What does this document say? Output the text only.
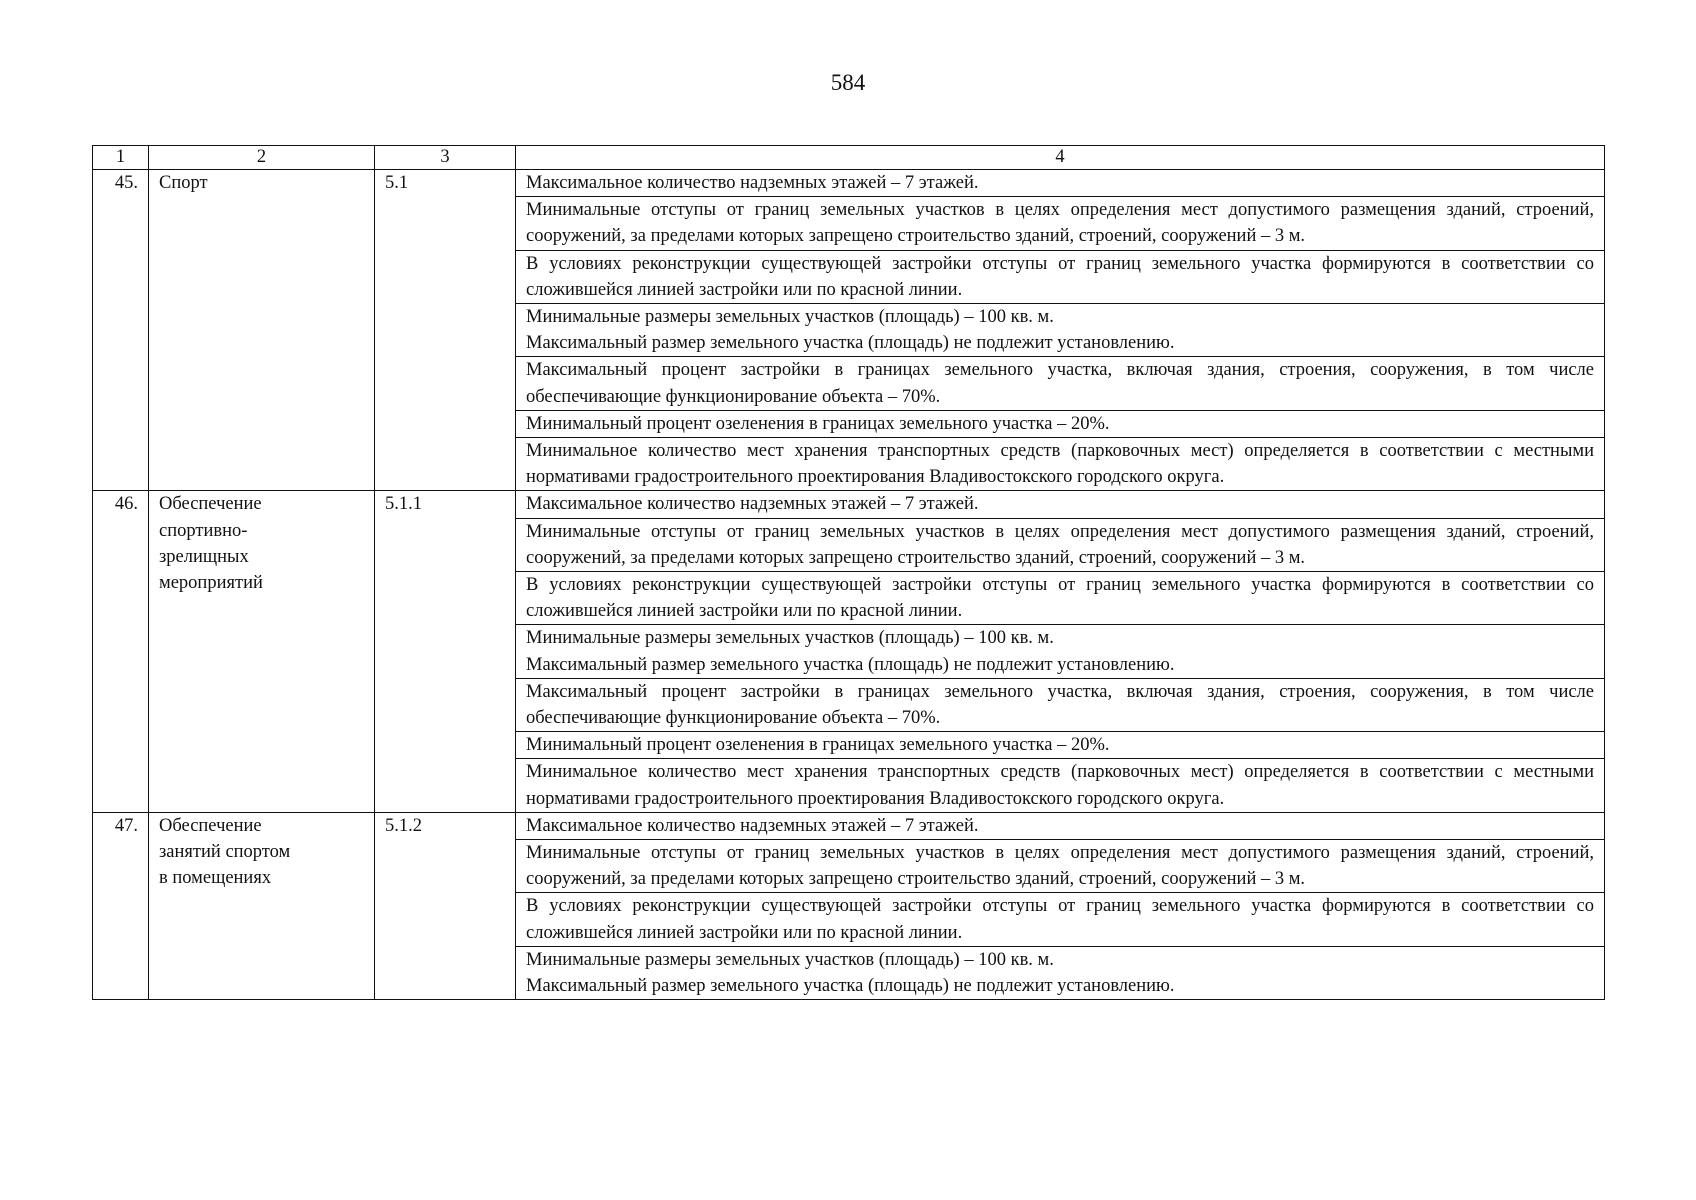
584
1	2	3	4
45.	Спорт	5.1	Максимальное количество надземных этажей – 7 этажей.
			Минимальные отступы от границ земельных участков в целях определения мест допустимого размещения зданий, строений, сооружений, за пределами которых запрещено строительство зданий, строений, сооружений – 3 м.
			В условиях реконструкции существующей застройки отступы от границ земельного участка формируются в соответствии со сложившейся линией застройки или по красной линии.
			Минимальные размеры земельных участков (площадь) – 100 кв. м.
Максимальный размер земельного участка (площадь) не подлежит установлению.
			Максимальный процент застройки в границах земельного участка, включая здания, строения, сооружения, в том числе обеспечивающие функционирование объекта – 70%.
			Минимальный процент озеленения в границах земельного участка – 20%.
			Минимальное количество мест хранения транспортных средств (парковочных мест) определяется в соответствии с местными нормативами градостроительного проектирования Владивостокского городского округа.
46.	Обеспечение
спортивно-
зрелищных
мероприятий	5.1.1	Максимальное количество надземных этажей – 7 этажей.
			Минимальные отступы от границ земельных участков в целях определения мест допустимого размещения зданий, строений, сооружений, за пределами которых запрещено строительство зданий, строений, сооружений – 3 м.
			В условиях реконструкции существующей застройки отступы от границ земельного участка формируются в соответствии со сложившейся линией застройки или по красной линии.
			Минимальные размеры земельных участков (площадь) – 100 кв. м.
Максимальный размер земельного участка (площадь) не подлежит установлению.
			Максимальный процент застройки в границах земельного участка, включая здания, строения, сооружения, в том числе обеспечивающие функционирование объекта – 70%.
			Минимальный процент озеленения в границах земельного участка – 20%.
			Минимальное количество мест хранения транспортных средств (парковочных мест) определяется в соответствии с местными нормативами градостроительного проектирования Владивостокского городского округа.
47.	Обеспечение
занятий спортом
в помещениях	5.1.2	Максимальное количество надземных этажей – 7 этажей.
			Минимальные отступы от границ земельных участков в целях определения мест допустимого размещения зданий, строений, сооружений, за пределами которых запрещено строительство зданий, строений, сооружений – 3 м.
			В условиях реконструкции существующей застройки отступы от границ земельного участка формируются в соответствии со сложившейся линией застройки или по красной линии.
			Минимальные размеры земельных участков (площадь) – 100 кв. м.
Максимальный размер земельного участка (площадь) не подлежит установлению.
